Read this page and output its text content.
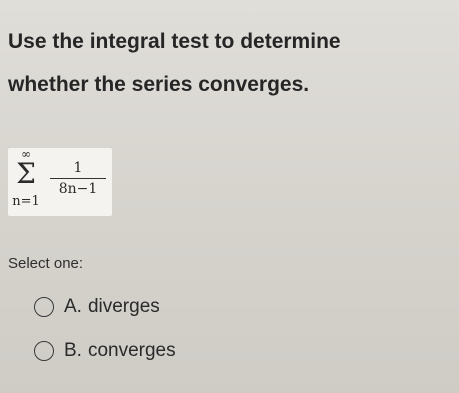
Use the integral test to determine
whether the series converges.
∞
Σ
n=1
1
8n−1
Select one:
A. diverges
B. converges
